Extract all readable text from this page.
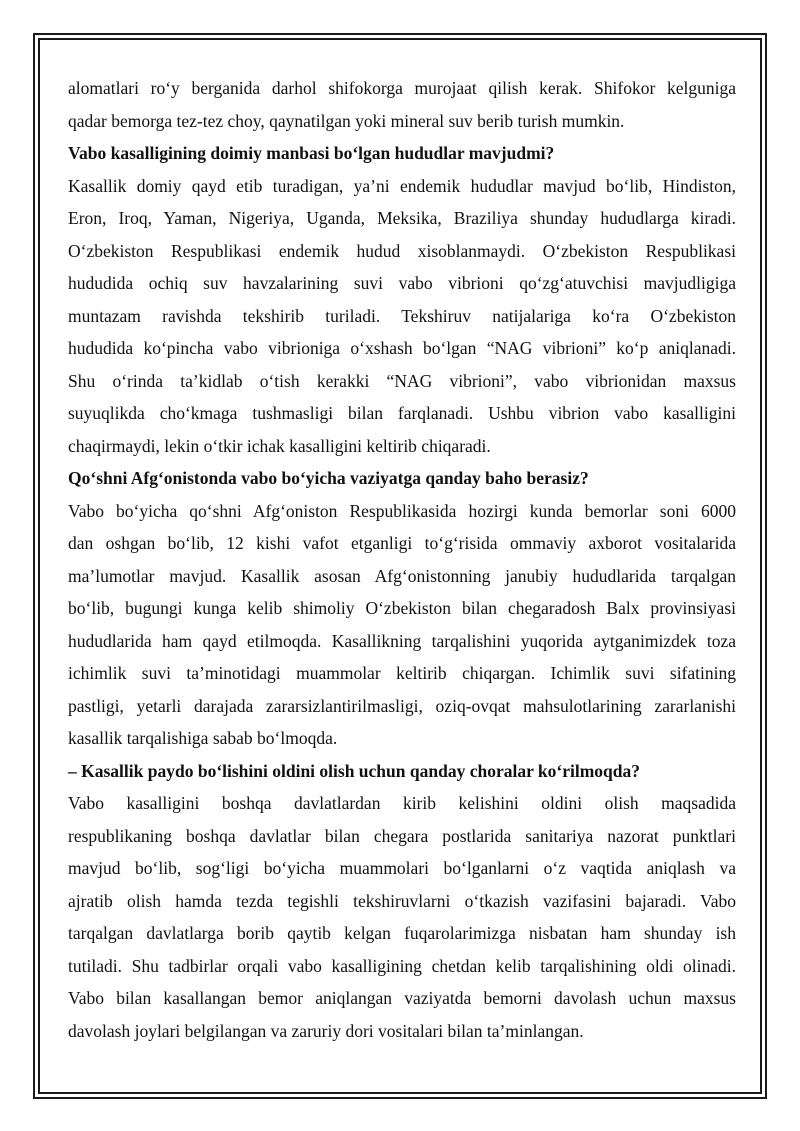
alomatlari ro‘y berganida darhol shifokorga murojaat qilish kerak. Shifokor kelguniga
qadar bemorga tez-tez choy, qaynatilgan yoki mineral suv berib turish mumkin.
Vabo kasalligining doimiy manbasi bo‘lgan hududlar mavjudmi?
Kasallik domiy qayd etib turadigan, ya’ni endemik hududlar mavjud bo‘lib, Hindiston,
Eron, Iroq, Yaman, Nigeriya, Uganda, Meksika, Braziliya shunday hududlarga kiradi.
O‘zbekiston Respublikasi endemik hudud xisoblanmaydi. O‘zbekiston Respublikasi
hududida ochiq suv havzalarining suvi vabo vibrioni qo‘zg‘atuvchisi mavjudligiga
muntazam ravishda tekshirib turiladi. Tekshiruv natijalariga ko‘ra O‘zbekiston
hududida ko‘pincha vabo vibrioniga o‘xshash bo‘lgan “NAG vibrioni” ko‘p aniqlanadi.
Shu o‘rinda ta’kidlab o‘tish kerakki “NAG vibrioni”, vabo vibrionidan maxsus
suyuqlikda cho‘kmaga tushmasligi bilan farqlanadi. Ushbu vibrion vabo kasalligini
chaqirmaydi, lekin o‘tkir ichak kasalligini keltirib chiqaradi.
Qo‘shni Afg‘onistonda vabo bo‘yicha vaziyatga qanday baho berasiz?
Vabo bo‘yicha qo‘shni Afg‘oniston Respublikasida hozirgi kunda bemorlar soni 6000
dan oshgan bo‘lib, 12 kishi vafot etganligi to‘g‘risida ommaviy axborot vositalarida
ma’lumotlar mavjud. Kasallik asosan Afg‘onistonning janubiy hududlarida tarqalgan
bo‘lib, bugungi kunga kelib shimoliy O‘zbekiston bilan chegaradosh Balx provinsiyasi
hududlarida ham qayd etilmoqda. Kasallikning tarqalishini yuqorida aytganimizdek toza
ichimlik suvi ta’minotidagi muammolar keltirib chiqargan. Ichimlik suvi sifatining
pastligi, yetarli darajada zararsizlantirilmasligi, oziq-ovqat mahsulotlarining zararlanishi
kasallik tarqalishiga sabab bo‘lmoqda.
– Kasallik paydo bo‘lishini oldini olish uchun qanday choralar ko‘rilmoqda?
Vabo kasalligini boshqa davlatlardan kirib kelishini oldini olish maqsadida
respublikaning boshqa davlatlar bilan chegara postlarida sanitariya nazorat punktlari
mavjud bo‘lib, sog‘ligi bo‘yicha muammolari bo‘lganlarni o‘z vaqtida aniqlash va
ajratib olish hamda tezda tegishli tekshiruvlarni o‘tkazish vazifasini bajaradi. Vabo
tarqalgan davlatlarga borib qaytib kelgan fuqarolarimizga nisbatan ham shunday ish
tutiladi. Shu tadbirlar orqali vabo kasalligining chetdan kelib tarqalishining oldi olinadi.
Vabo bilan kasallangan bemor aniqlangan vaziyatda bemorni davolash uchun maxsus
davolash joylari belgilangan va zaruriy dori vositalari bilan ta’minlangan.
